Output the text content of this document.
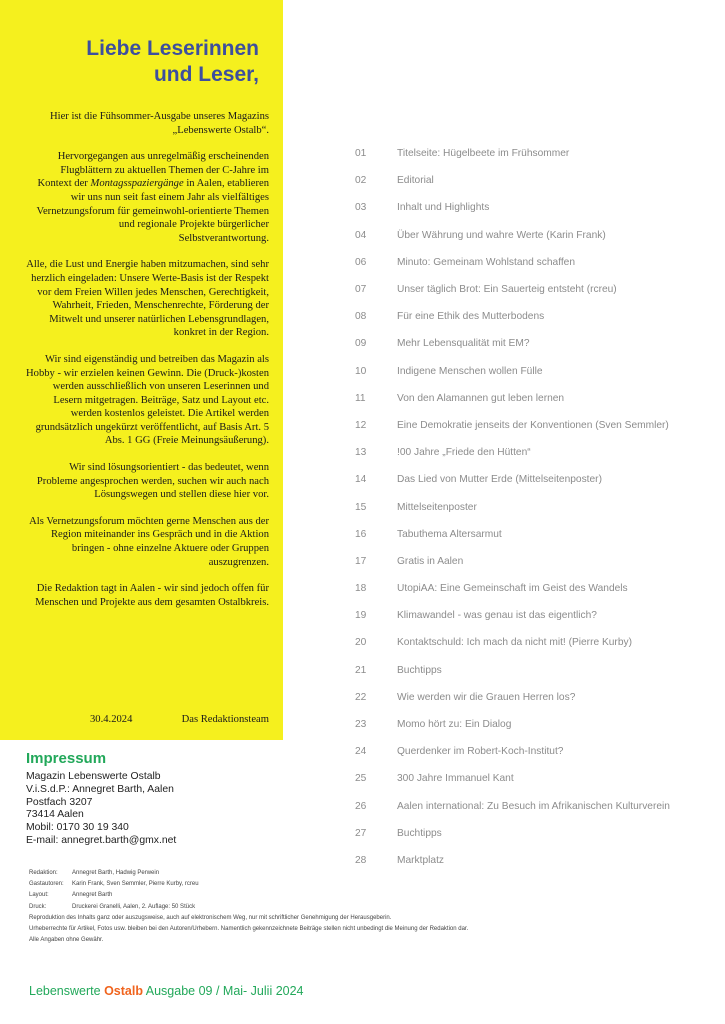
Liebe Leserinnen
und Leser,

Hier ist die Fühsommer-Ausgabe unseres Magazins „Lebenswerte Ostalb“.

Hervorgegangen aus unregelmäßig erscheinenden Flugblättern zu aktuellen Themen der C-Jahre im Kontext der Montagsspaziergänge in Aalen, etablieren wir uns nun seit fast einem Jahr als vielfältiges Vernetzungsforum für gemeinwohl-orientierte Themen und regionale Projekte bürgerlicher Selbstverantwortung.

Alle, die Lust und Energie haben mitzumachen, sind sehr herzlich eingeladen: Unsere Werte-Basis ist der Respekt vor dem Freien Willen jedes Menschen, Gerechtigkeit, Wahrheit, Frieden, Menschenrechte, Förderung der Mitwelt und unserer natürlichen Lebensgrundlagen, konkret in der Region.

Wir sind eigenständig und betreiben das Magazin als Hobby - wir erzielen keinen Gewinn. Die (Druck-)kosten werden ausschließlich von unseren Leserinnen und Lesern mitgetragen. Beiträge, Satz und Layout etc. werden kostenlos geleistet. Die Artikel werden grundsätzlich ungekürzt veröffentlicht, auf Basis Art. 5 Abs. 1 GG (Freie Meinungsäußerung).

Wir sind lösungsorientiert - das bedeutet, wenn Probleme angesprochen werden, suchen wir auch nach Lösungswegen und stellen diese hier vor.

Als Vernetzungsforum möchten gerne Menschen aus der Region miteinander ins Gespräch und in die Aktion bringen - ohne einzelne Aktuere oder Gruppen auszugrenzen.

Die Redaktion tagt in Aalen - wir sind jedoch offen für Menschen und Projekte aus dem gesamten Ostalbkreis.

30.4.2024	Das Redaktionsteam
Impressum
Magazin Lebenswerte Ostalb
V.i.S.d.P.: Annegret Barth, Aalen
Postfach 3207
73414 Aalen
Mobil: 0170 30 19 340
E-mail: annegret.barth@gmx.net
Redaktion:	Annegret Barth, Hadwig Perwein
Gastautoren:	Karin Frank, Sven Semmler, Pierre Kurby, rcreu
Layout:	Annegret Barth
Druck:	Druckerei Granelli, Aalen, 2. Auflage: 50 Stück
Reproduktion des Inhalts ganz oder auszugsweise, auch auf elektronischem Weg, nur mit schriftlicher Genehmigung der Herausgeberin.
Urheberrechte für Artikel, Fotos usw. bleiben bei den Autoren/Urhebern. Namentlich gekennzeichnete Beiträge stellen nicht unbedingt die Meinung der Redaktion dar. Alle Angaben ohne Gewähr.
Lebenswerte Ostalb Ausgabe 09 / Mai- Julii 2024
01	Titelseite: Hügelbeete im Frühsommer
02	Editorial
03	Inhalt und Highlights
04	Über Währung und wahre Werte (Karin Frank)
06	Minuto: Gemeinam Wohlstand schaffen
07	Unser täglich Brot: Ein Sauerteig entsteht (rcreu)
08	Für eine Ethik des Mutterbodens
09	Mehr Lebensqualität mit EM?
10	Indigene Menschen wollen Fülle
11	Von den Alamannen gut leben lernen
12	Eine Demokratie jenseits der Konventionen (Sven Semmler)
13	!00 Jahre „Friede den Hütten“
14	Das Lied von Mutter Erde (Mittelseitenposter)
15	Mittelseitenposter
16	Tabuthema Altersarmut
17	Gratis in Aalen
18	UtopiAA: Eine Gemeinschaft im Geist des Wandels
19	Klimawandel - was genau ist das eigentlich?
20	Kontaktschuld: Ich mach da nicht mit! (Pierre Kurby)
21	Buchtipps
22	Wie werden wir die Grauen Herren los?
23	Momo hört zu: Ein Dialog
24	Querdenker im Robert-Koch-Institut?
25	300 Jahre Immanuel Kant
26	Aalen international: Zu Besuch im Afrikanischen Kulturverein
27	Buchtipps
28	Marktplatz
